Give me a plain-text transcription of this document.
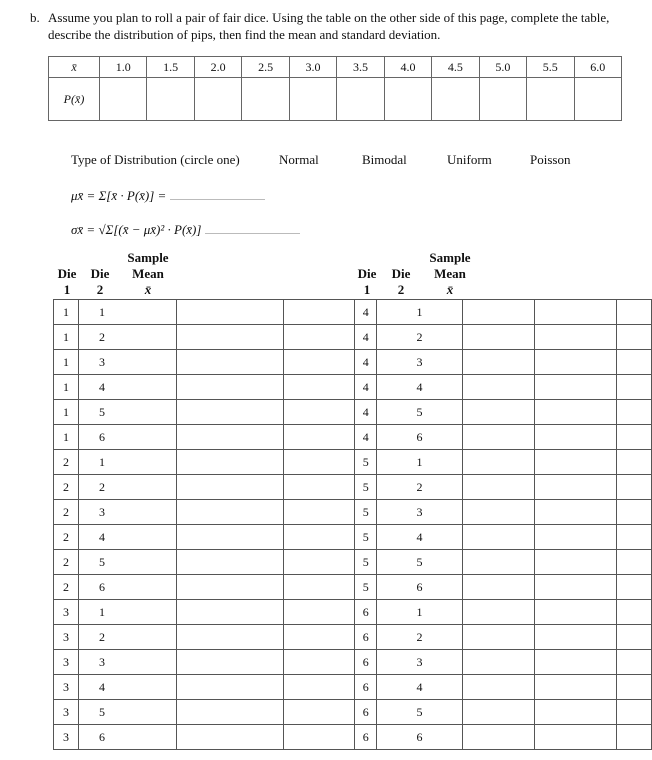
b. Assume you plan to roll a pair of fair dice. Using the table on the other side of this page, complete the table,
describe the distribution of pips, then find the mean and standard deviation.
x̄	1.0	1.5	2.0	2.5	3.0	3.5	4.0	4.5	5.0	5.5	6.0
P(x̄)											
Type of Distribution (circle one)	Normal	Bimodal	Uniform	Poisson
μx̄ = Σ[x̄ · P(x̄)] =
σx̄ = √Σ[(x̄ − μx̄)² · P(x̄)]
Die 1
Die 2
Sample
Mean
x̄
Die 1
Die 2
Sample
Mean
x̄
1	1		
1	2		
1	3		
1	4		
1	5		
1	6		
2	1		
2	2		
2	3		
2	4		
2	5		
2	6		
3	1		
3	2		
3	3		
3	4		
3	5		
3	6		
4	1		
4	2		
4	3		
4	4		
4	5		
4	6		
5	1		
5	2		
5	3		
5	4		
5	5		
5	6		
6	1		
6	2		
6	3		
6	4		
6	5		
6	6		
